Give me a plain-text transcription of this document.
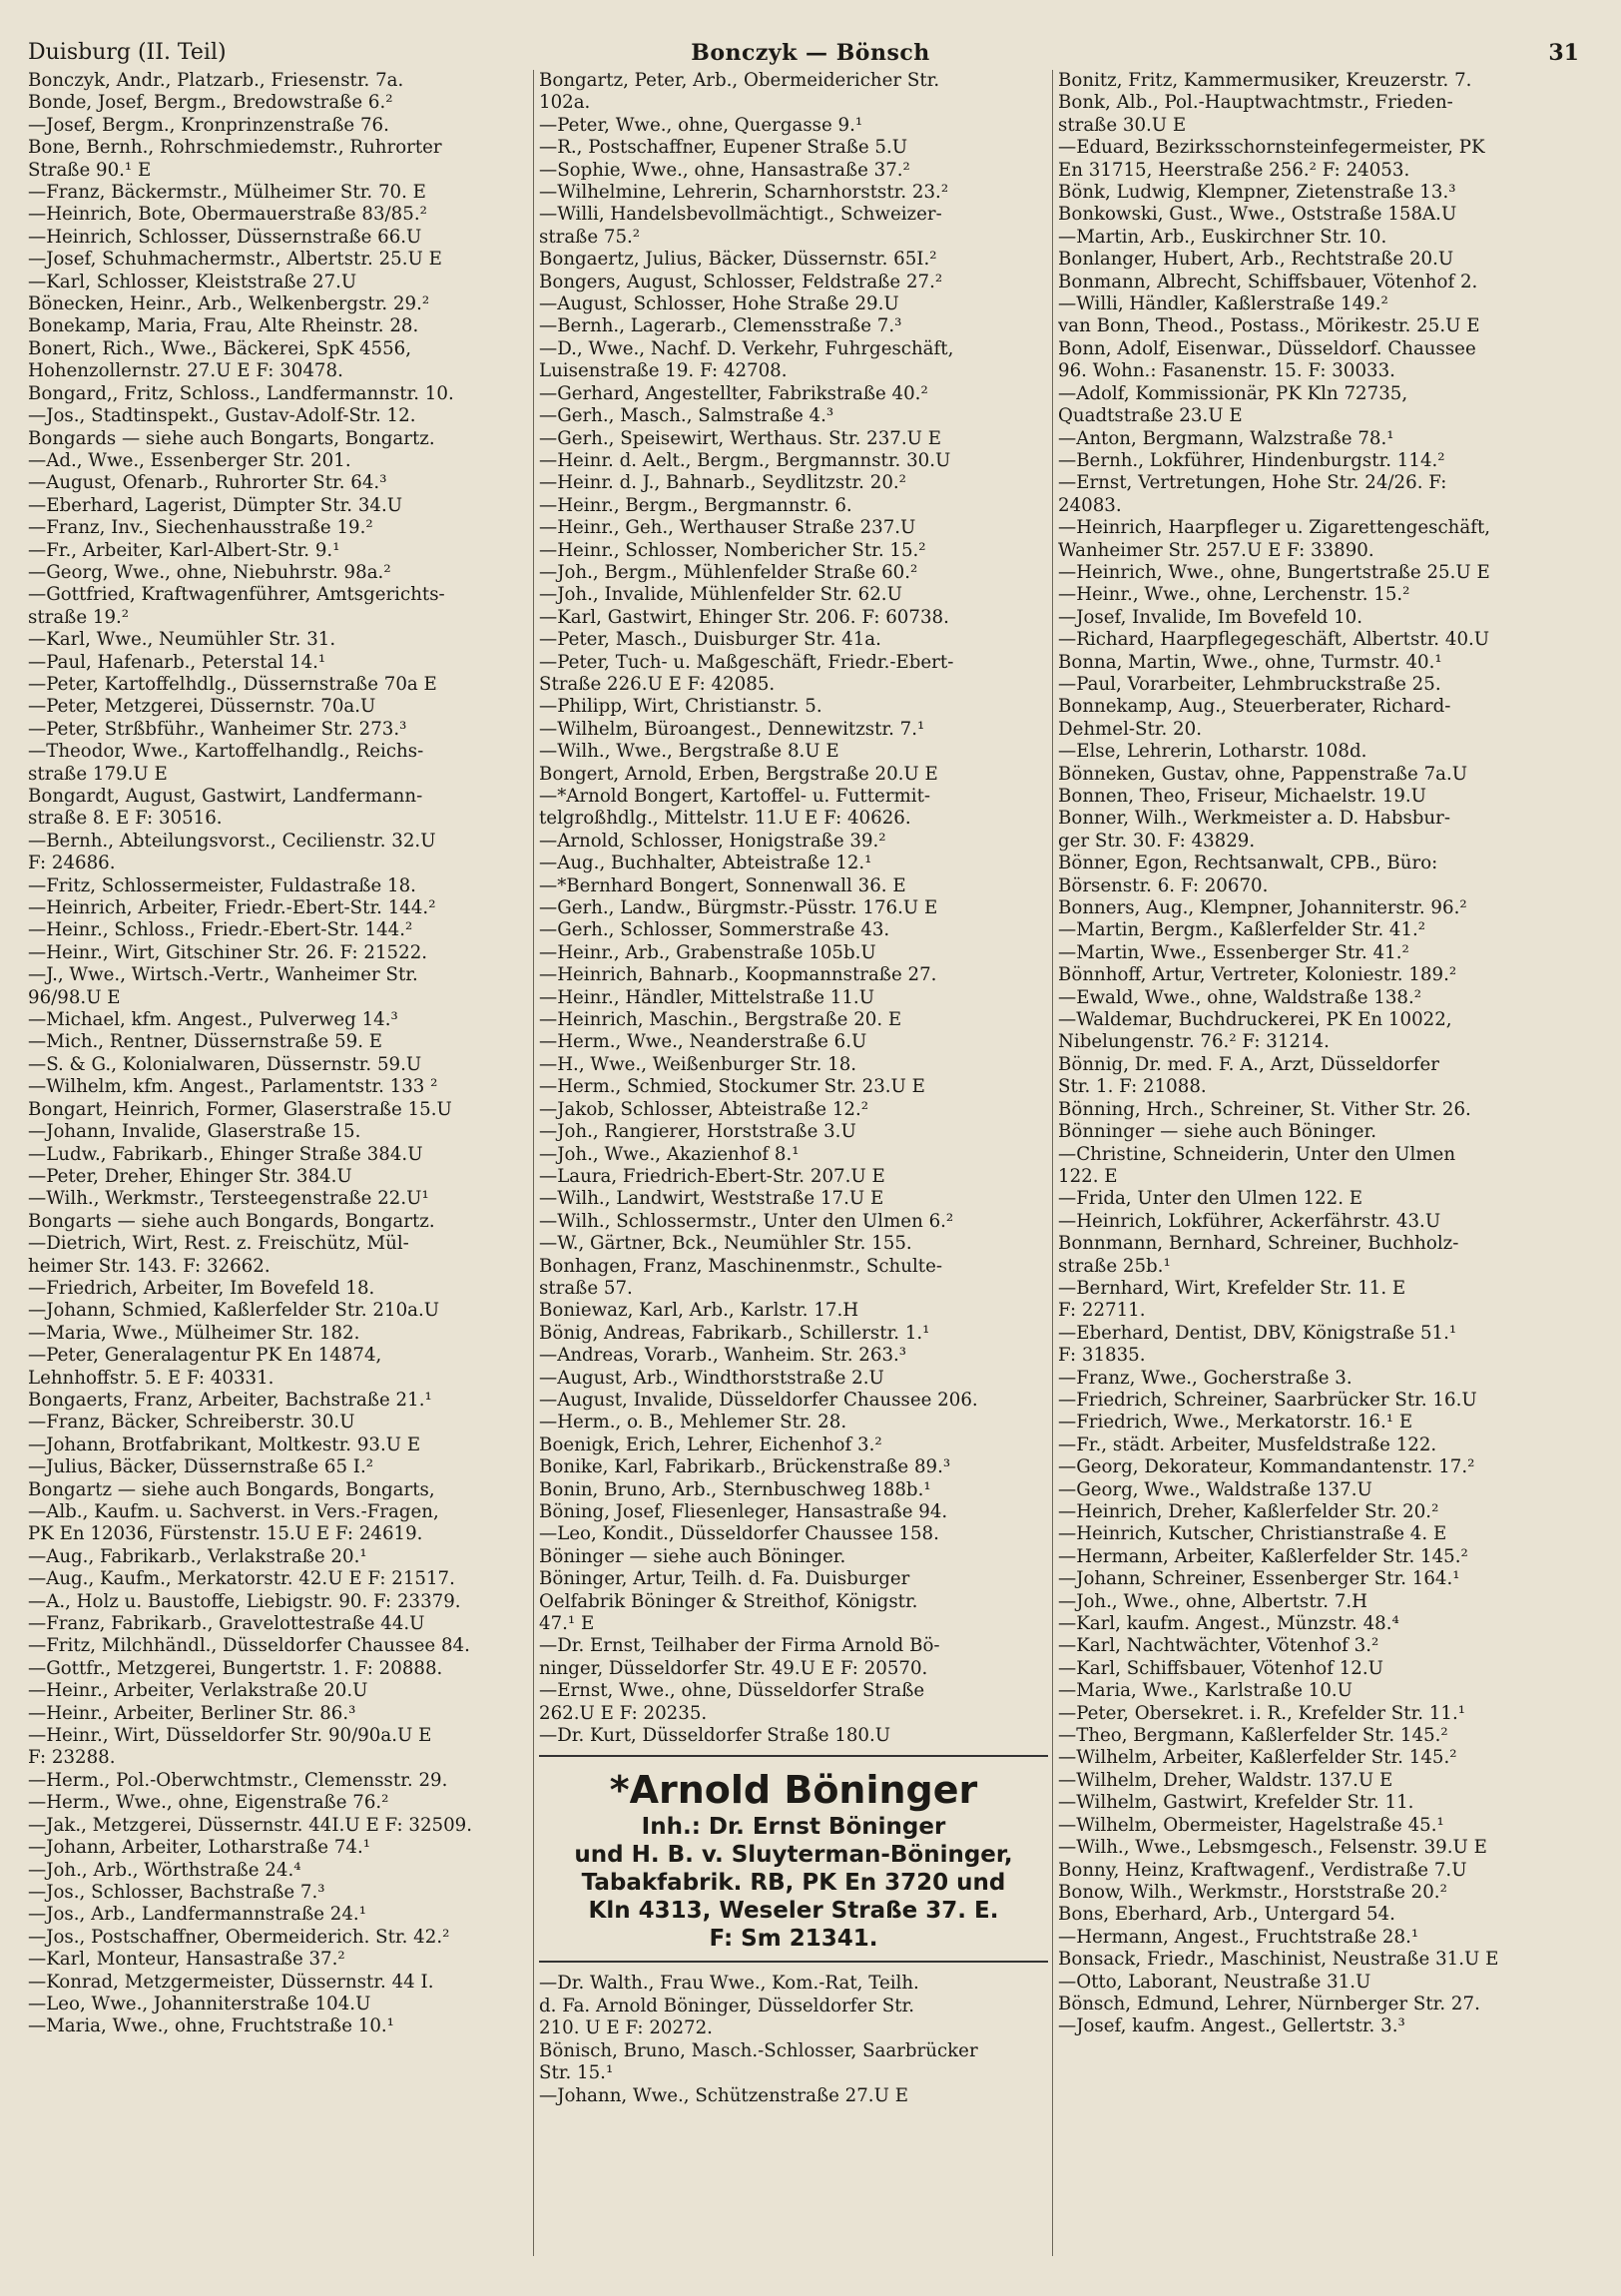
Duisburg (II. Teil)	Bonczyk — Bönsch	31
Bonczyk, Andr., Platzarb., Friesenstr. 7a.
Bonde, Josef, Bergm., Bredowstraße 6.²
—Josef, Bergm., Kronprinzenstraße 76.
Bone, Bernh., Rohrschmiedemstr., Ruhrorter
Straße 90.¹ E
—Franz, Bäckermstr., Mülheimer Str. 70. E
—Heinrich, Bote, Obermauerstraße 83/85.²
—Heinrich, Schlosser, Düssernstraße 66.U
—Josef, Schuhmachermstr., Albertstr. 25.U E
—Karl, Schlosser, Kleiststraße 27.U
Bönecken, Heinr., Arb., Welkenbergstr. 29.²
Bonekamp, Maria, Frau, Alte Rheinstr. 28.
Bonert, Rich., Wwe., Bäckerei, SpK 4556,
Hohenzollernstr. 27.U E F: 30478.
Bongard,, Fritz, Schloss., Landfermannstr. 10.
—Jos., Stadtinspekt., Gustav-Adolf-Str. 12.
Bongards — siehe auch Bongarts, Bongartz.
—Ad., Wwe., Essenberger Str. 201.
—August, Ofenarb., Ruhrorter Str. 64.³
—Eberhard, Lagerist, Dümpter Str. 34.U
—Franz, Inv., Siechenhausstraße 19.²
—Fr., Arbeiter, Karl-Albert-Str. 9.¹
—Georg, Wwe., ohne, Niebuhrstr. 98a.²
—Gottfried, Kraftwagenführer, Amtsgerichts-
straße 19.²
—Karl, Wwe., Neumühler Str. 31.
—Paul, Hafenarb., Peterstal 14.¹
—Peter, Kartoffelhdlg., Düssernstraße 70a E
—Peter, Metzgerei, Düssernstr. 70a.U
—Peter, Strßbführ., Wanheimer Str. 273.³
—Theodor, Wwe., Kartoffelhandlg., Reichs-
straße 179.U E
Bongardt, August, Gastwirt, Landfermann-
straße 8. E F: 30516.
—Bernh., Abteilungsvorst., Cecilienstr. 32.U
F: 24686.
—Fritz, Schlossermeister, Fuldastraße 18.
—Heinrich, Arbeiter, Friedr.-Ebert-Str. 144.²
—Heinr., Schloss., Friedr.-Ebert-Str. 144.²
—Heinr., Wirt, Gitschiner Str. 26. F: 21522.
—J., Wwe., Wirtsch.-Vertr., Wanheimer Str.
96/98.U E
—Michael, kfm. Angest., Pulverweg 14.³
—Mich., Rentner, Düssernstraße 59. E
—S. & G., Kolonialwaren, Düssernstr. 59.U
—Wilhelm, kfm. Angest., Parlamentstr. 133 ²
Bongart, Heinrich, Former, Glaserstraße 15.U
—Johann, Invalide, Glaserstraße 15.
—Ludw., Fabrikarb., Ehinger Straße 384.U
—Peter, Dreher, Ehinger Str. 384.U
—Wilh., Werkmstr., Tersteegenstraße 22.U¹
Bongarts — siehe auch Bongards, Bongartz.
—Dietrich, Wirt, Rest. z. Freischütz, Mül-
heimer Str. 143. F: 32662.
—Friedrich, Arbeiter, Im Bovefeld 18.
—Johann, Schmied, Kaßlerfelder Str. 210a.U
—Maria, Wwe., Mülheimer Str. 182.
—Peter, Generalagentur PK En 14874,
Lehnhoffstr. 5. E F: 40331.
Bongaerts, Franz, Arbeiter, Bachstraße 21.¹
—Franz, Bäcker, Schreiberstr. 30.U
—Johann, Brotfabrikant, Moltkestr. 93.U E
—Julius, Bäcker, Düssernstraße 65 I.²
Bongartz — siehe auch Bongards, Bongarts,
—Alb., Kaufm. u. Sachverst. in Vers.-Fragen,
PK En 12036, Fürstenstr. 15.U E F: 24619.
—Aug., Fabrikarb., Verlakstraße 20.¹
—Aug., Kaufm., Merkatorstr. 42.U E F: 21517.
—A., Holz u. Baustoffe, Liebigstr. 90. F: 23379.
—Franz, Fabrikarb., Gravelottestraße 44.U
—Fritz, Milchhändl., Düsseldorfer Chaussee 84.
—Gottfr., Metzgerei, Bungertstr. 1. F: 20888.
—Heinr., Arbeiter, Verlakstraße 20.U
—Heinr., Arbeiter, Berliner Str. 86.³
—Heinr., Wirt, Düsseldorfer Str. 90/90a.U E
F: 23288.
—Herm., Pol.-Oberwchtmstr., Clemensstr. 29.
—Herm., Wwe., ohne, Eigenstraße 76.²
—Jak., Metzgerei, Düssernstr. 44I.U E F: 32509.
—Johann, Arbeiter, Lotharstraße 74.¹
—Joh., Arb., Wörthstraße 24.⁴
—Jos., Schlosser, Bachstraße 7.³
—Jos., Arb., Landfermannstraße 24.¹
—Jos., Postschaffner, Obermeiderich. Str. 42.²
—Karl, Monteur, Hansastraße 37.²
—Konrad, Metzgermeister, Düssernstr. 44 I.
—Leo, Wwe., Johanniterstraße 104.U
—Maria, Wwe., ohne, Fruchtstraße 10.¹
Bongartz, Peter, Arb., Obermeidericher Str.
102a.
—Peter, Wwe., ohne, Quergasse 9.¹
—R., Postschaffner, Eupener Straße 5.U
—Sophie, Wwe., ohne, Hansastraße 37.²
—Wilhelmine, Lehrerin, Scharnhorststr. 23.²
—Willi, Handelsbevollmächtigt., Schweizer-
straße 75.²
Bongaertz, Julius, Bäcker, Düssernstr. 65I.²
Bongers, August, Schlosser, Feldstraße 27.²
—August, Schlosser, Hohe Straße 29.U
—Bernh., Lagerarb., Clemensstraße 7.³
—D., Wwe., Nachf. D. Verkehr, Fuhrgeschäft,
Luisenstraße 19. F: 42708.
—Gerhard, Angestellter, Fabrikstraße 40.²
—Gerh., Masch., Salmstraße 4.³
—Gerh., Speisewirt, Werthaus. Str. 237.U E
—Heinr. d. Aelt., Bergm., Bergmannstr. 30.U
—Heinr. d. J., Bahnarb., Seydlitzstr. 20.²
—Heinr., Bergm., Bergmannstr. 6.
—Heinr., Geh., Werthauser Straße 237.U
—Heinr., Schlosser, Nombericher Str. 15.²
—Joh., Bergm., Mühlenfelder Straße 60.²
—Joh., Invalide, Mühlenfelder Str. 62.U
—Karl, Gastwirt, Ehinger Str. 206. F: 60738.
—Peter, Masch., Duisburger Str. 41a.
—Peter, Tuch- u. Maßgeschäft, Friedr.-Ebert-
Straße 226.U E F: 42085.
—Philipp, Wirt, Christianstr. 5.
—Wilhelm, Büroangest., Dennewitzstr. 7.¹
—Wilh., Wwe., Bergstraße 8.U E
Bongert, Arnold, Erben, Bergstraße 20.U E
—*Arnold Bongert, Kartoffel- u. Futtermit-
telgroßhdlg., Mittelstr. 11.U E F: 40626.
—Arnold, Schlosser, Honigstraße 39.²
—Aug., Buchhalter, Abteistraße 12.¹
—*Bernhard Bongert, Sonnenwall 36. E
—Gerh., Landw., Bürgmstr.-Püsstr. 176.U E
—Gerh., Schlosser, Sommerstraße 43.
—Heinr., Arb., Grabenstraße 105b.U
—Heinrich, Bahnarb., Koopmannstraße 27.
—Heinr., Händler, Mittelstraße 11.U
—Heinrich, Maschin., Bergstraße 20. E
—Herm., Wwe., Neanderstraße 6.U
—H., Wwe., Weißenburger Str. 18.
—Herm., Schmied, Stockumer Str. 23.U E
—Jakob, Schlosser, Abteistraße 12.²
—Joh., Rangierer, Horststraße 3.U
—Joh., Wwe., Akazienhof 8.¹
—Laura, Friedrich-Ebert-Str. 207.U E
—Wilh., Landwirt, Weststraße 17.U E
—Wilh., Schlossermstr., Unter den Ulmen 6.²
—W., Gärtner, Bck., Neumühler Str. 155.
Bonhagen, Franz, Maschinenmstr., Schulte-
straße 57.
Boniewaz, Karl, Arb., Karlstr. 17.H
Bönig, Andreas, Fabrikarb., Schillerstr. 1.¹
—Andreas, Vorarb., Wanheim. Str. 263.³
—August, Arb., Windthorststraße 2.U
—August, Invalide, Düsseldorfer Chaussee 206.
—Herm., o. B., Mehlemer Str. 28.
Boenigk, Erich, Lehrer, Eichenhof 3.²
Bonike, Karl, Fabrikarb., Brückenstraße 89.³
Bonin, Bruno, Arb., Sternbuschweg 188b.¹
Böning, Josef, Fliesenleger, Hansastraße 94.
—Leo, Kondit., Düsseldorfer Chaussee 158.
Böninger — siehe auch Böninger.
Böninger, Artur, Teilh. d. Fa. Duisburger
Oelfabrik Böninger & Streithof, Königstr.
47.¹ E
—Dr. Ernst, Teilhaber der Firma Arnold Bö-
ninger, Düsseldorfer Str. 49.U E F: 20570.
—Ernst, Wwe., ohne, Düsseldorfer Straße
262.U E F: 20235.
—Dr. Kurt, Düsseldorfer Straße 180.U
*Arnold Böninger
Inh.: Dr. Ernst Böninger
und H. B. v. Sluyterman-Böninger,
Tabakfabrik. RB, PK En 3720 und
Kln 4313, Weseler Straße 37. E.
F: Sm 21341.
—Dr. Walth., Frau Wwe., Kom.-Rat, Teilh.
d. Fa. Arnold Böninger, Düsseldorfer Str.
210. U E F: 20272.
Bönisch, Bruno, Masch.-Schlosser, Saarbrücker
Str. 15.¹
—Johann, Wwe., Schützenstraße 27.U E
Bonitz, Fritz, Kammermusiker, Kreuzerstr. 7.
Bonk, Alb., Pol.-Hauptwachtmstr., Frieden-
straße 30.U E
—Eduard, Bezirksschornsteinfegermeister, PK
En 31715, Heerstraße 256.² F: 24053.
Bönk, Ludwig, Klempner, Zietenstraße 13.³
Bonkowski, Gust., Wwe., Oststraße 158A.U
—Martin, Arb., Euskirchner Str. 10.
Bonlanger, Hubert, Arb., Rechtstraße 20.U
Bonmann, Albrecht, Schiffsbauer, Vötenhof 2.
—Willi, Händler, Kaßlerstraße 149.²
van Bonn, Theod., Postass., Mörikestr. 25.U E
Bonn, Adolf, Eisenwar., Düsseldorf. Chaussee
96. Wohn.: Fasanenstr. 15. F: 30033.
—Adolf, Kommissionär, PK Kln 72735,
Quadtstraße 23.U E
—Anton, Bergmann, Walzstraße 78.¹
—Bernh., Lokführer, Hindenburgstr. 114.²
—Ernst, Vertretungen, Hohe Str. 24/26. F:
24083.
—Heinrich, Haarpfleger u. Zigarettengeschäft,
Wanheimer Str. 257.U E F: 33890.
—Heinrich, Wwe., ohne, Bungertstraße 25.U E
—Heinr., Wwe., ohne, Lerchenstr. 15.²
—Josef, Invalide, Im Bovefeld 10.
—Richard, Haarpflegegeschäft, Albertstr. 40.U
Bonna, Martin, Wwe., ohne, Turmstr. 40.¹
—Paul, Vorarbeiter, Lehmbruckstraße 25.
Bonnekamp, Aug., Steuerberater, Richard-
Dehmel-Str. 20.
—Else, Lehrerin, Lotharstr. 108d.
Bönneken, Gustav, ohne, Pappenstraße 7a.U
Bonnen, Theo, Friseur, Michaelstr. 19.U
Bonner, Wilh., Werkmeister a. D. Habsbur-
ger Str. 30. F: 43829.
Bönner, Egon, Rechtsanwalt, CPB., Büro:
Börsenstr. 6. F: 20670.
Bonners, Aug., Klempner, Johanniterstr. 96.²
—Martin, Bergm., Kaßlerfelder Str. 41.²
—Martin, Wwe., Essenberger Str. 41.²
Bönnhoff, Artur, Vertreter, Koloniestr. 189.²
—Ewald, Wwe., ohne, Waldstraße 138.²
—Waldemar, Buchdruckerei, PK En 10022,
Nibelungenstr. 76.² F: 31214.
Bönnig, Dr. med. F. A., Arzt, Düsseldorfer
Str. 1. F: 21088.
Bönning, Hrch., Schreiner, St. Vither Str. 26.
Bönninger — siehe auch Böninger.
—Christine, Schneiderin, Unter den Ulmen
122. E
—Frida, Unter den Ulmen 122. E
—Heinrich, Lokführer, Ackerfährstr. 43.U
Bonnmann, Bernhard, Schreiner, Buchholz-
straße 25b.¹
—Bernhard, Wirt, Krefelder Str. 11. E
F: 22711.
—Eberhard, Dentist, DBV, Königstraße 51.¹
F: 31835.
—Franz, Wwe., Gocherstraße 3.
—Friedrich, Schreiner, Saarbrücker Str. 16.U
—Friedrich, Wwe., Merkatorstr. 16.¹ E
—Fr., städt. Arbeiter, Musfeldstraße 122.
—Georg, Dekorateur, Kommandantenstr. 17.²
—Georg, Wwe., Waldstraße 137.U
—Heinrich, Dreher, Kaßlerfelder Str. 20.²
—Heinrich, Kutscher, Christianstraße 4. E
—Hermann, Arbeiter, Kaßlerfelder Str. 145.²
—Johann, Schreiner, Essenberger Str. 164.¹
—Joh., Wwe., ohne, Albertstr. 7.H
—Karl, kaufm. Angest., Münzstr. 48.⁴
—Karl, Nachtwächter, Vötenhof 3.²
—Karl, Schiffsbauer, Vötenhof 12.U
—Maria, Wwe., Karlstraße 10.U
—Peter, Obersekret. i. R., Krefelder Str. 11.¹
—Theo, Bergmann, Kaßlerfelder Str. 145.²
—Wilhelm, Arbeiter, Kaßlerfelder Str. 145.²
—Wilhelm, Dreher, Waldstr. 137.U E
—Wilhelm, Gastwirt, Krefelder Str. 11.
—Wilhelm, Obermeister, Hagelstraße 45.¹
—Wilh., Wwe., Lebsmgesch., Felsenstr. 39.U E
Bonny, Heinz, Kraftwagenf., Verdistraße 7.U
Bonow, Wilh., Werkmstr., Horststraße 20.²
Bons, Eberhard, Arb., Untergard 54.
—Hermann, Angest., Fruchtstraße 28.¹
Bonsack, Friedr., Maschinist, Neustraße 31.U E
—Otto, Laborant, Neustraße 31.U
Bönsch, Edmund, Lehrer, Nürnberger Str. 27.
—Josef, kaufm. Angest., Gellertstr. 3.³
